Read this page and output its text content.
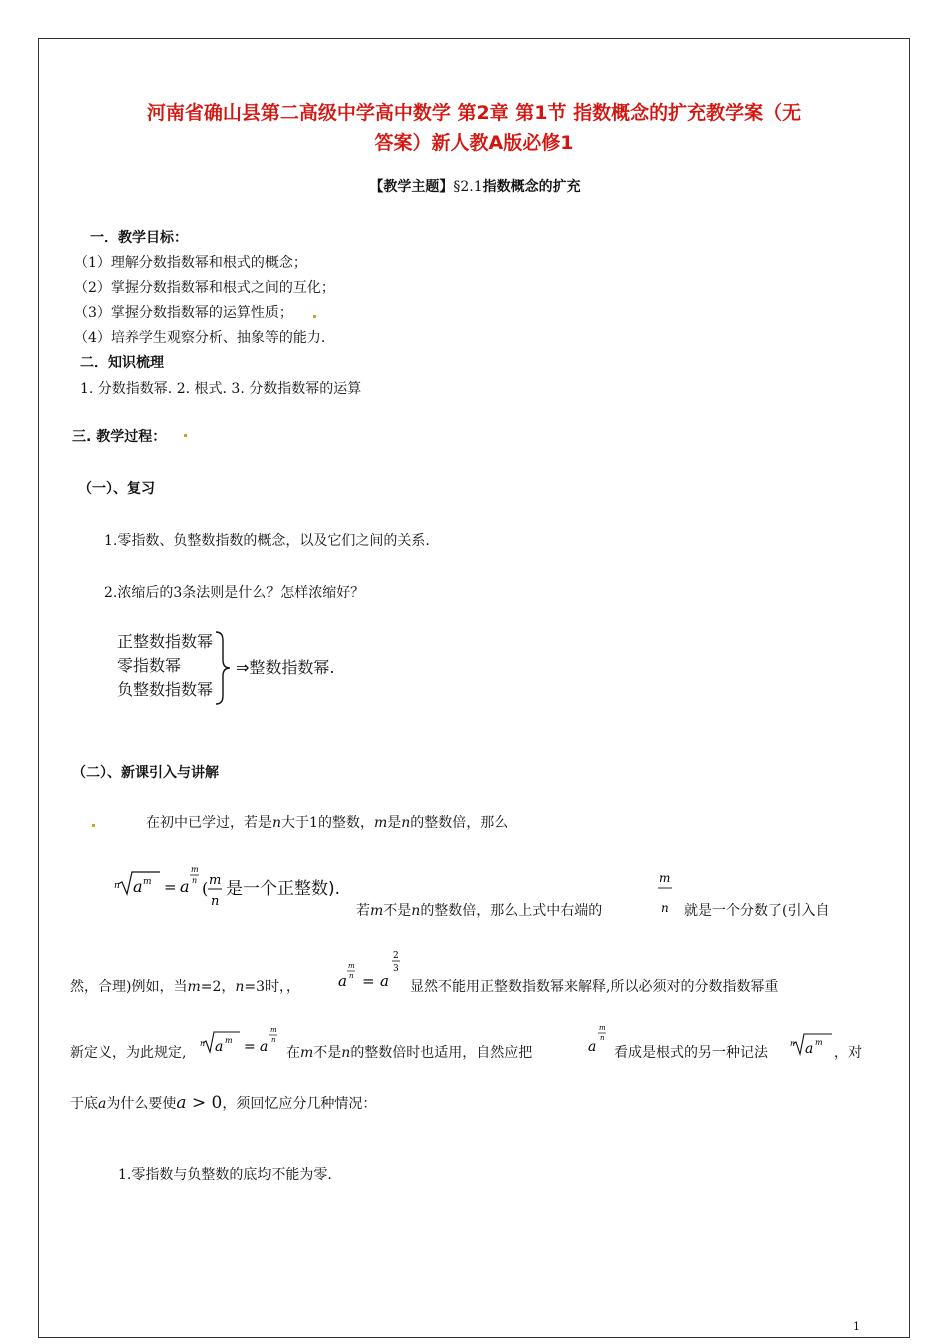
河南省确山县第二高级中学高中数学 第2章 第1节 指数概念的扩充教学案（无
答案）新人教A版必修1
【教学主题】§2.1指数概念的扩充
一．教学目标：
（1）理解分数指数幂和根式的概念；
（2）掌握分数指数幂和根式之间的互化；
（3）掌握分数指数幂的运算性质；
（4）培养学生观察分析、抽象等的能力.
二．知识梳理
1. 分数指数幂. 2. 根式. 3. 分数指数幂的运算
三. 教学过程：
（一）、复习
1.零指数、负整数指数的概念，以及它们之间的关系.
2.浓缩后的3条法则是什么？怎样浓缩好？
正整数指数幂
零指数幂
负整数指数幂
⇒整数指数幂.
（二）、新课引入与讲解
在初中已学过，若是n大于1的整数，m是n的整数倍，那么
n a m = a
m
n ( m
n
是一个正整数).
若m不是n的整数倍，那么上式中右端的
m
n 就是一个分数了(引入自
然，合理)例如，当m=2，n=3时，，	a
m
n = a
2
3
显然不能用正整数指数幂来解释,所以必须对的分数指数幂重
新定义，为此规定,
n a m = a
m
n
在m不是n的整数倍时也适用，自然应把	a
m
n
看成是根式的另一种记法
n a m
，对
于底a为什么要使a > 0，须回忆应分几种情况：
1.零指数与负整数的底均不能为零.
1
